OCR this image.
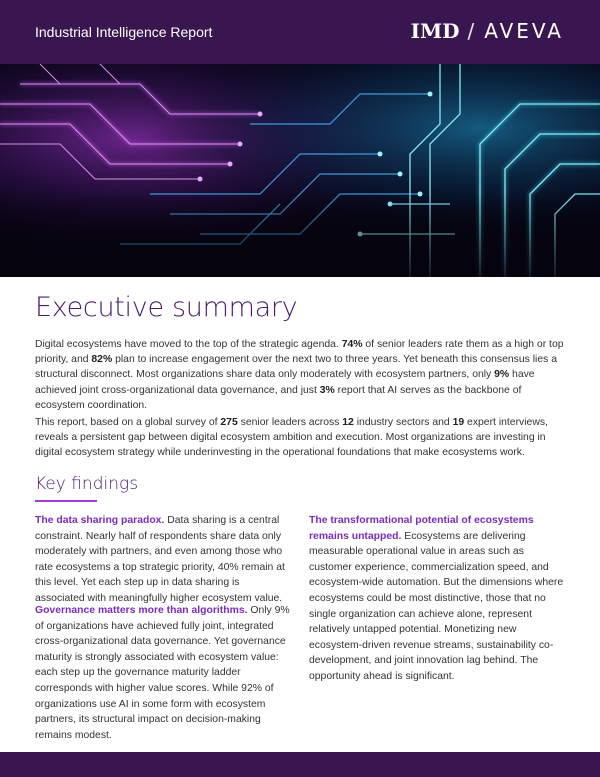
Industrial Intelligence Report	IMD / AVEVA
Executive summary

Digital ecosystems have moved to the top of the strategic agenda. 74% of senior leaders rate them as a high or top priority, and 82% plan to increase engagement over the next two to three years. Yet beneath this consensus lies a structural disconnect. Most organizations share data only moderately with ecosystem partners, only 9% have achieved joint cross-organizational data governance, and just 3% report that AI serves as the backbone of ecosystem coordination.

This report, based on a global survey of 275 senior leaders across 12 industry sectors and 19 expert interviews, reveals a persistent gap between digital ecosystem ambition and execution. Most organizations are investing in digital ecosystem strategy while underinvesting in the operational foundations that make ecosystems work.

Key findings

The data sharing paradox. Data sharing is a central constraint. Nearly half of respondents share data only moderately with partners, and even among those who rate ecosystems a top strategic priority, 40% remain at this level. Yet each step up in data sharing is associated with meaningfully higher ecosystem value.

Governance matters more than algorithms. Only 9% of organizations have achieved fully joint, integrated cross-organizational data governance. Yet governance maturity is strongly associated with ecosystem value: each step up the governance maturity ladder corresponds with higher value scores. While 92% of organizations use AI in some form with ecosystem partners, its structural impact on decision-making remains modest.

The transformational potential of ecosystems remains untapped. Ecosystems are delivering measurable operational value in areas such as customer experience, commercialization speed, and ecosystem-wide automation. But the dimensions where ecosystems could be most distinctive, those that no single organization can achieve alone, represent relatively untapped potential. Monetizing new ecosystem-driven revenue streams, sustainability co-development, and joint innovation lag behind. The opportunity ahead is significant.
